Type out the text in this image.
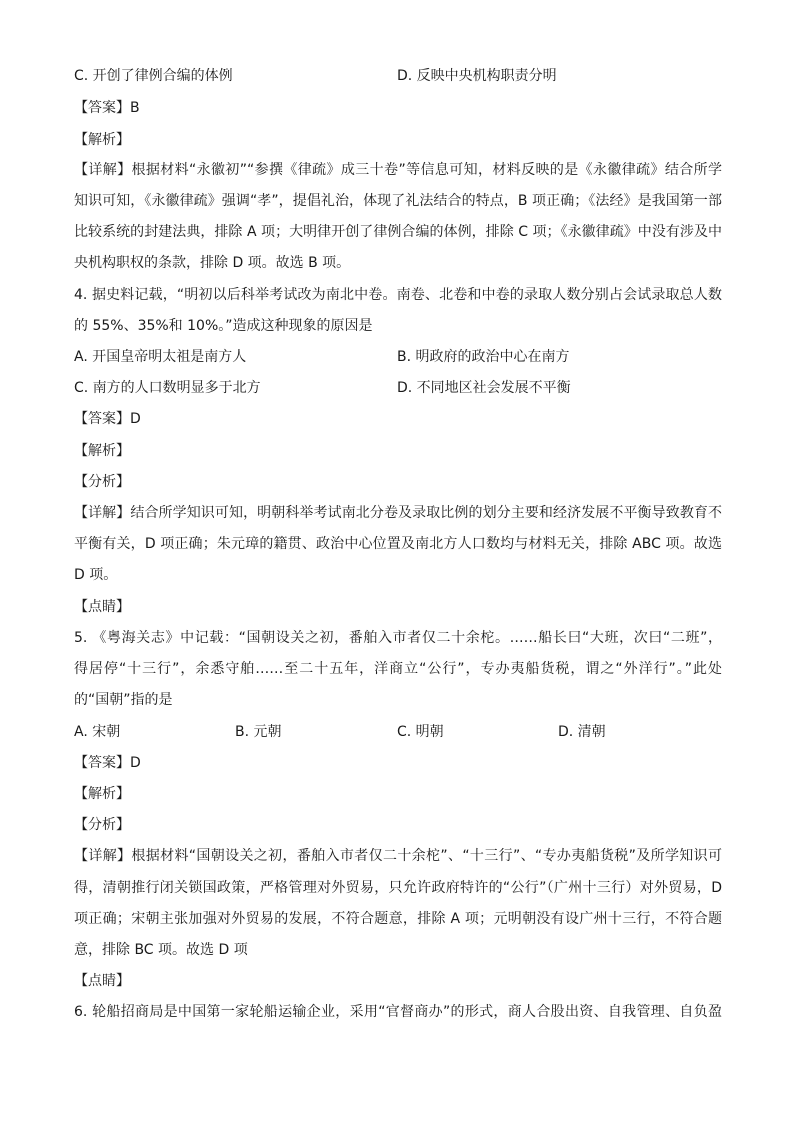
C. 开创了律例合编的体例	D. 反映中央机构职责分明
【答案】B
【解析】
【详解】根据材料“永徽初”“参撰《律疏》成三十卷”等信息可知，材料反映的是《永徽律疏》结合所学
知识可知，《永徽律疏》强调“孝”，提倡礼治，体现了礼法结合的特点，B 项正确；《法经》是我国第一部
比较系统的封建法典，排除 A 项；大明律开创了律例合编的体例，排除 C 项；《永徽律疏》中没有涉及中
央机构职权的条款，排除 D 项。故选 B 项。
4. 据史料记载，“明初以后科举考试改为南北中卷。南卷、北卷和中卷的录取人数分别占会试录取总人数
的 55%、35%和 10%。”造成这种现象的原因是
A. 开国皇帝明太祖是南方人	B. 明政府的政治中心在南方
C. 南方的人口数明显多于北方	D. 不同地区社会发展不平衡
【答案】D
【解析】
【分析】
【详解】结合所学知识可知，明朝科举考试南北分卷及录取比例的划分主要和经济发展不平衡导致教育不
平衡有关，D 项正确；朱元璋的籍贯、政治中心位置及南北方人口数均与材料无关，排除 ABC 项。故选
D 项。
【点睛】
5. 《粤海关志》中记载：“国朝设关之初，番舶入市者仅二十余柁。……船长曰“大班，次曰“二班”，
得居停“十三行”，余悉守舶……至二十五年，洋商立“公行”，专办夷船货税，谓之“外洋行”。”此处
的“国朝”指的是
A. 宋朝	B. 元朝	C. 明朝	D. 清朝
【答案】D
【解析】
【分析】
【详解】根据材料“国朝设关之初，番舶入市者仅二十余柁”、“十三行”、“专办夷船货税”及所学知识可
得，清朝推行闭关锁国政策，严格管理对外贸易，只允许政府特许的“公行”（广州十三行）对外贸易，D
项正确；宋朝主张加强对外贸易的发展，不符合题意，排除 A 项；元明朝没有设广州十三行，不符合题
意，排除 BC 项。故选 D 项
【点睛】
6. 轮船招商局是中国第一家轮船运输企业，采用“官督商办”的形式，商人合股出资、自我管理、自负盈
